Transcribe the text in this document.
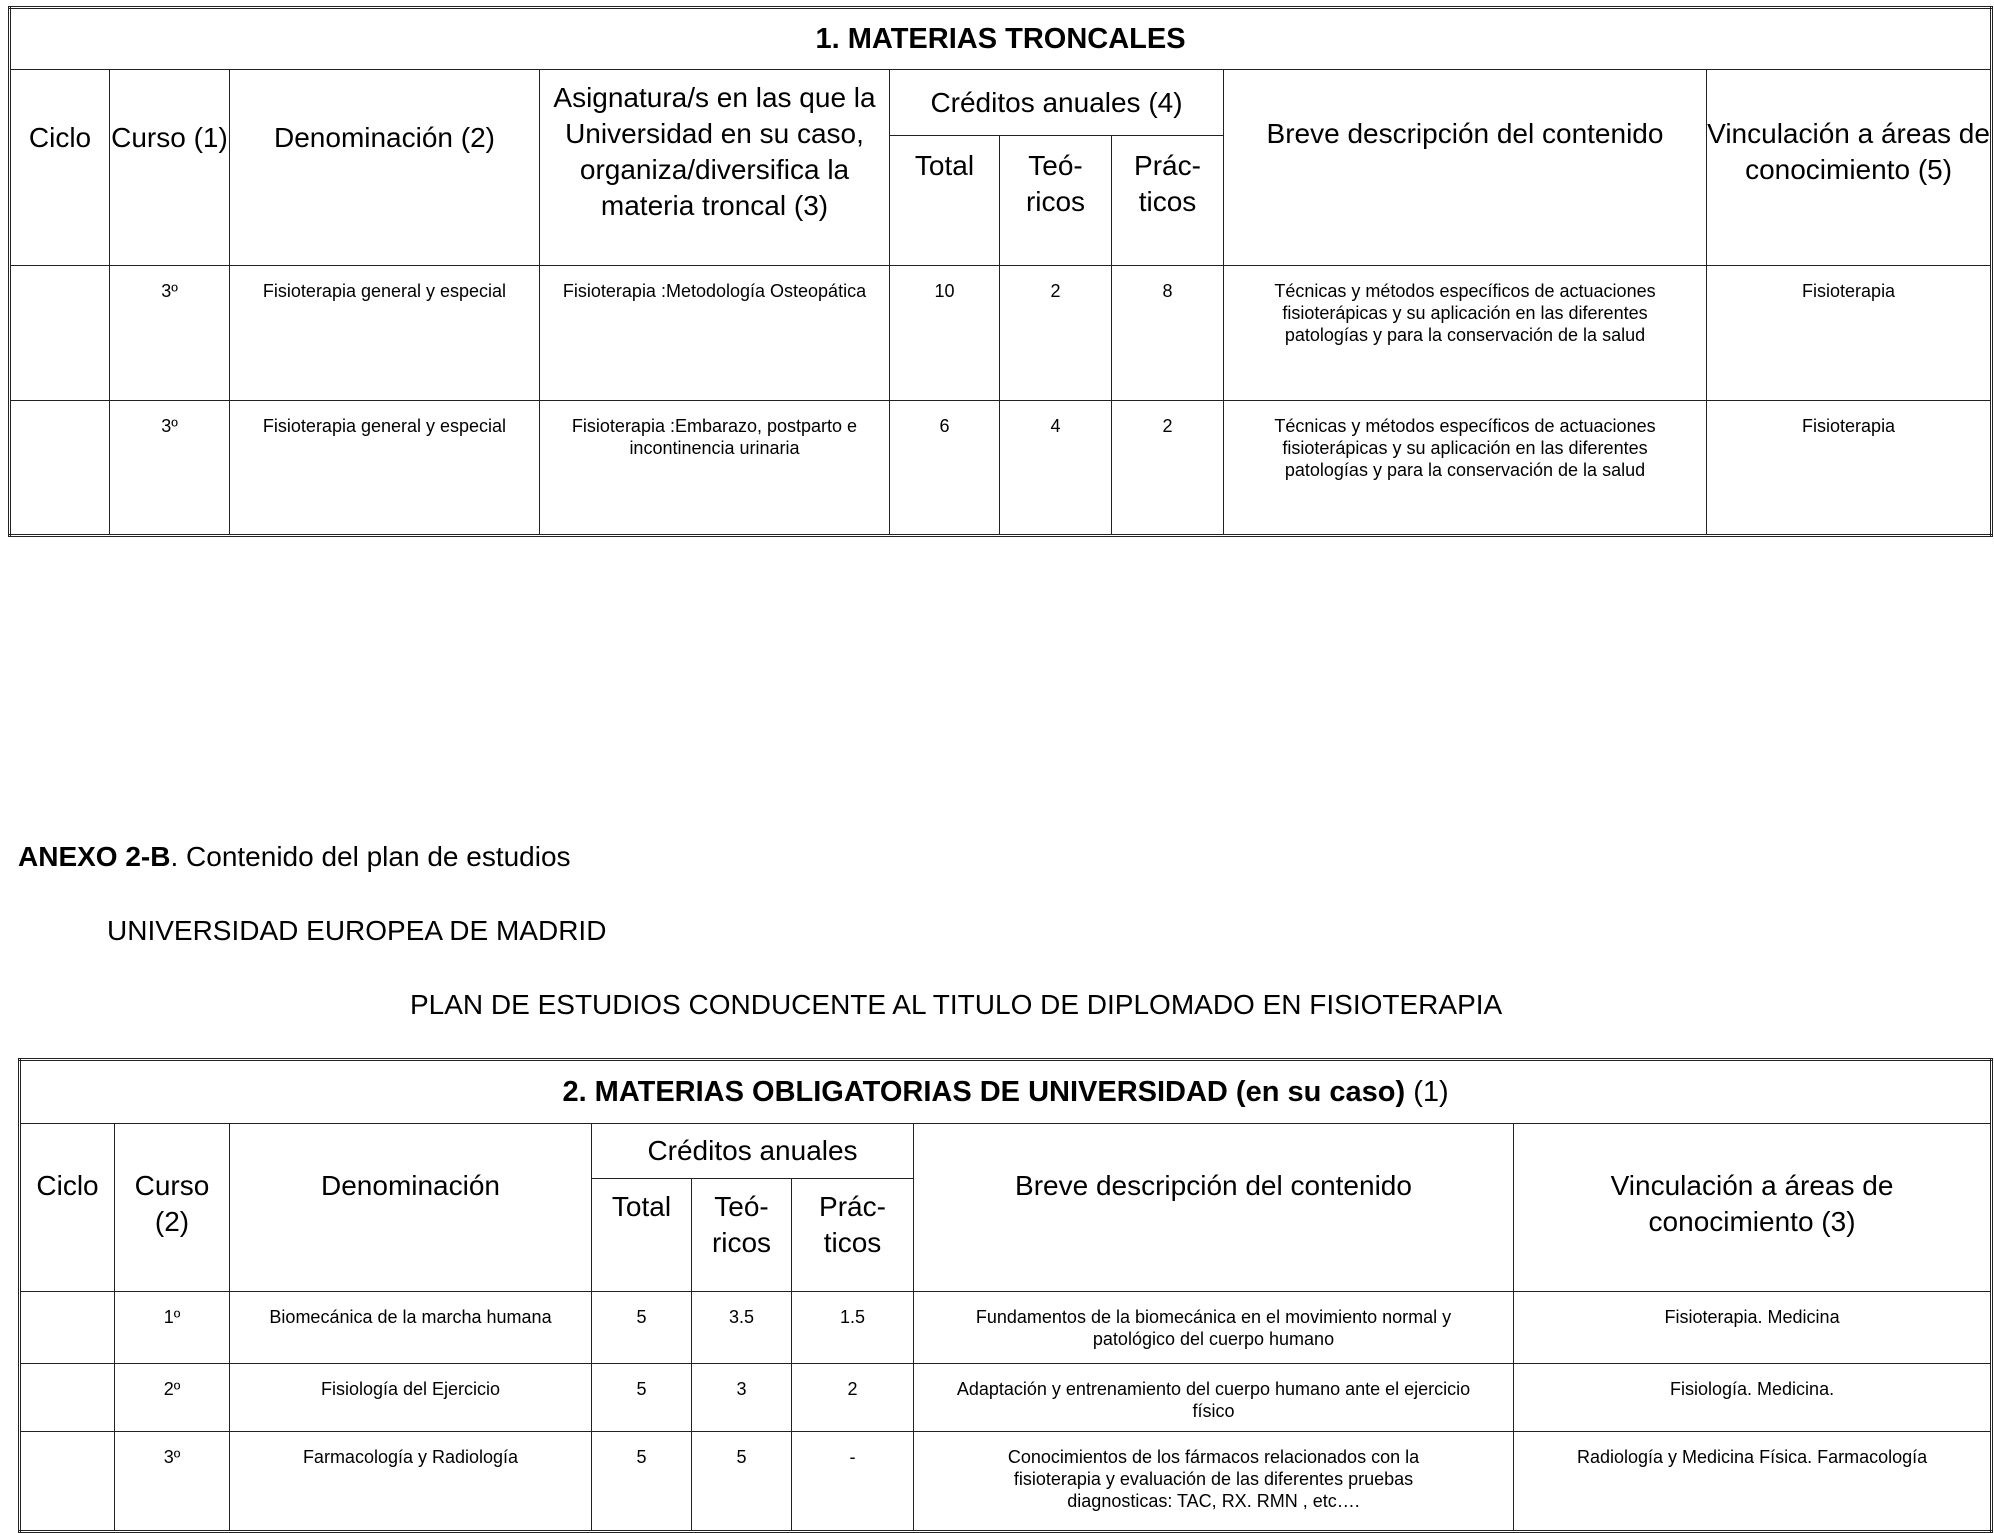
1. MATERIAS TRONCALES								
Ciclo	Curso (1)	Denominación (2)	Asignatura/s en las que la Universidad en su caso, organiza/diversifica la materia troncal (3)	Créditos anuales (4)			Breve descripción del contenido	Vinculación a áreas de conocimiento (5)
				Total	Teó-ricos	Prác-ticos		
	3º	Fisioterapia general y especial	Fisioterapia :Metodología Osteopática	10	2	8	Técnicas y métodos específicos de actuaciones fisioterápicas y su aplicación en las diferentes patologías y para la conservación de la salud	Fisioterapia
	3º	Fisioterapia general y especial	Fisioterapia :Embarazo, postparto e incontinencia urinaria	6	4	2	Técnicas y métodos específicos de actuaciones fisioterápicas y su aplicación en las diferentes patologías y para la conservación de la salud	Fisioterapia
ANEXO 2-B. Contenido del plan de estudios
UNIVERSIDAD EUROPEA DE MADRID
PLAN DE ESTUDIOS CONDUCENTE AL TITULO DE DIPLOMADO EN FISIOTERAPIA
2. MATERIAS OBLIGATORIAS DE UNIVERSIDAD (en su caso) (1)							
Ciclo	Curso (2)	Denominación	Créditos anuales			Breve descripción del contenido	Vinculación a áreas de conocimiento (3)
			Total	Teó-ricos	Prác-ticos		
	1º	Biomecánica de la marcha humana	5	3.5	1.5	Fundamentos de la biomecánica en el movimiento normal y patológico del cuerpo humano	Fisioterapia. Medicina
	2º	Fisiología del Ejercicio	5	3	2	Adaptación y entrenamiento del cuerpo humano ante el ejercicio físico	Fisiología. Medicina.
	3º	Farmacología y Radiología	5	5	-	Conocimientos de los fármacos relacionados con la fisioterapia y evaluación de las diferentes pruebas diagnosticas: TAC, RX. RMN , etc….	Radiología y Medicina Física. Farmacología
